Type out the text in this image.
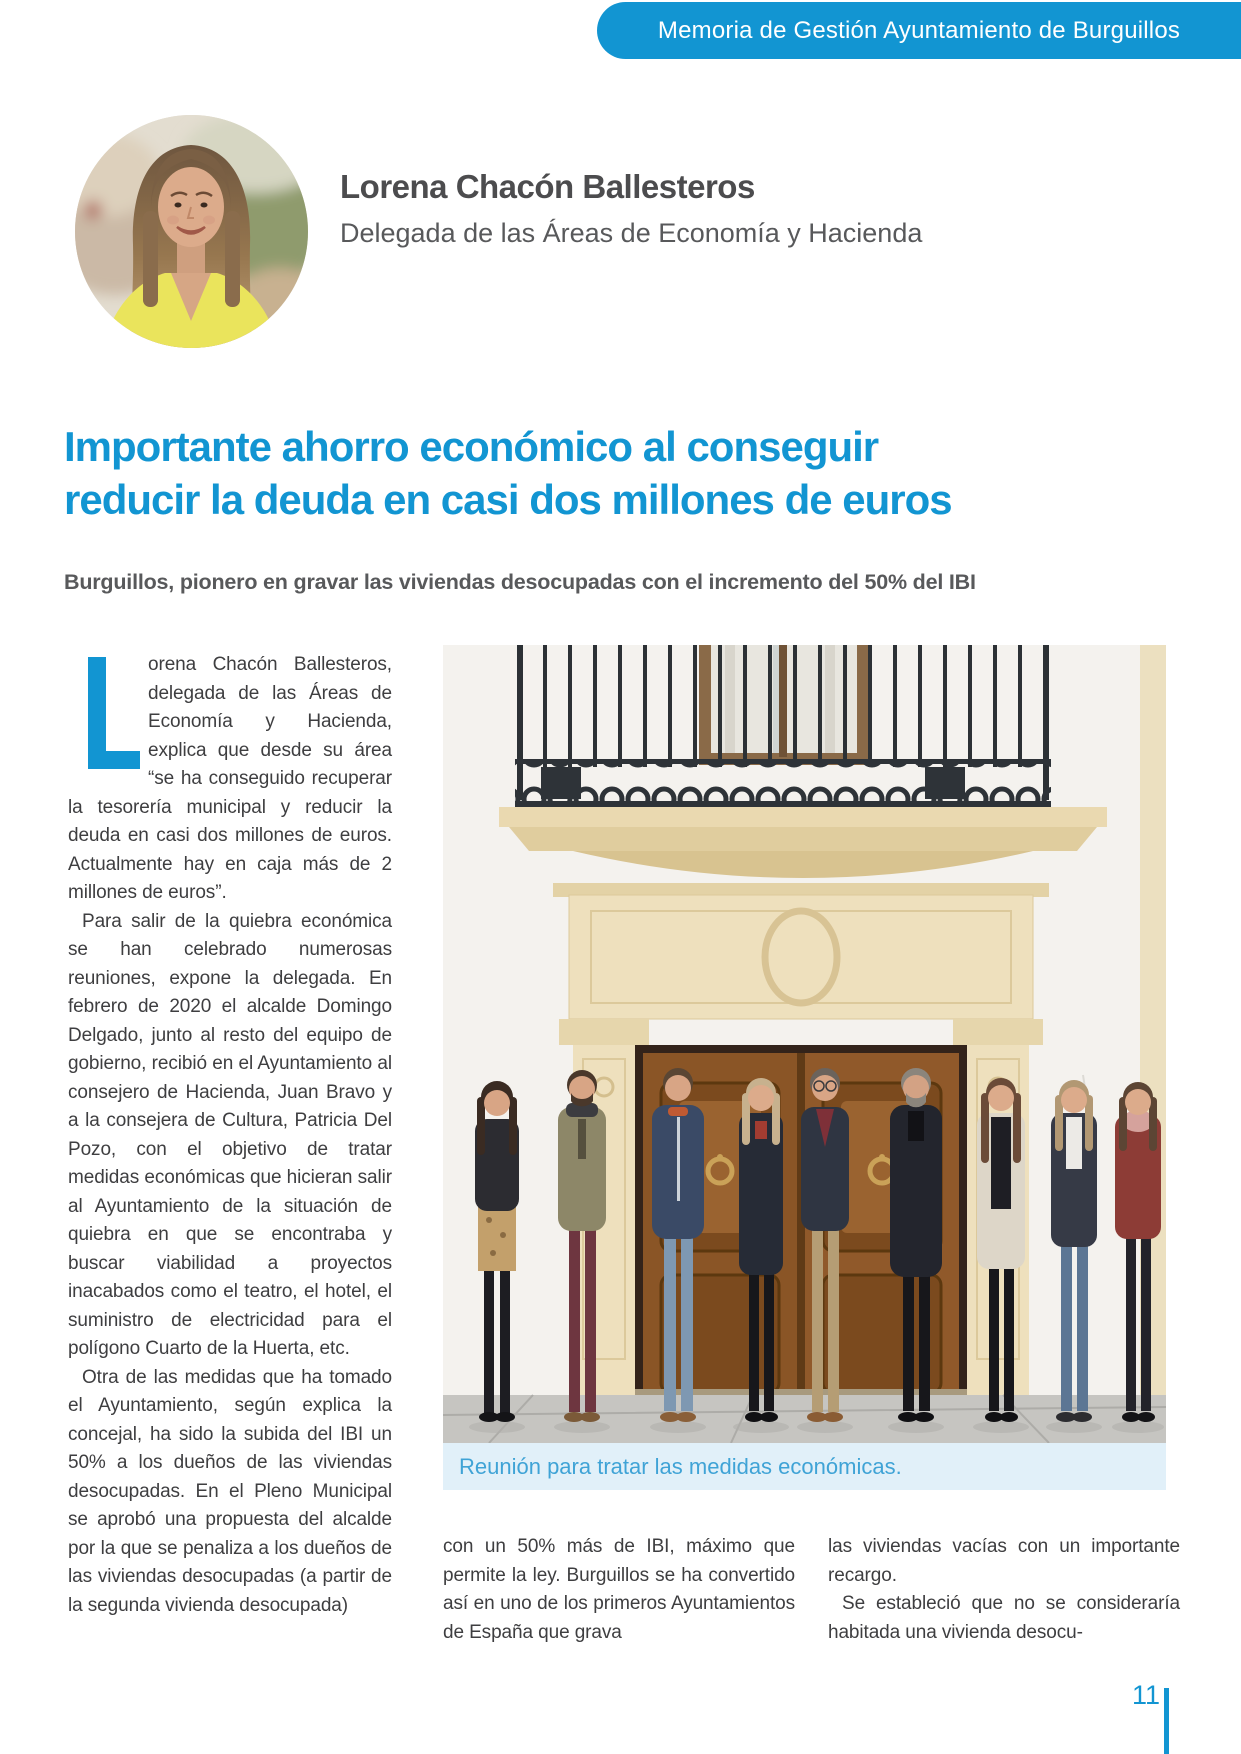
Memoria de Gestión Ayuntamiento de Burguillos
Lorena Chacón Ballesteros
Delegada de las Áreas de Economía y Hacienda
Importante ahorro económico al conseguir reducir la deuda en casi dos millones de euros
Burguillos, pionero en gravar las viviendas desocupadas con el incremento del 50% del IBI

orena Chacón Ballesteros, delegada de las Áreas de Economía y Hacienda, explica que desde su área “se ha conseguido recuperar la tesorería municipal y reducir la deuda en casi dos millones de euros. Actualmente hay en caja más de 2 millones de euros”.

Para salir de la quiebra económica se han celebrado numerosas reuniones, expone la delegada. En febrero de 2020 el alcalde Domingo Delgado, junto al resto del equipo de gobierno, recibió en el Ayuntamiento al consejero de Hacienda, Juan Bravo y a la consejera de Cultura, Patricia Del Pozo, con el objetivo de tratar medidas económicas que hicieran salir al Ayuntamiento de la situación de quiebra en que se encontraba y buscar viabilidad a proyectos inacabados como el teatro, el hotel, el suministro de electricidad para el polígono Cuarto de la Huerta, etc.

Otra de las medidas que ha tomado el Ayuntamiento, según explica la concejal, ha sido la subida del IBI un 50% a los dueños de las viviendas desocupadas. En el Pleno Municipal se aprobó una propuesta del alcalde por la que se penaliza a los dueños de las viviendas desocupadas (a partir de la segunda vivienda desocupada)

Reunión para tratar las medidas económicas.

con un 50% más de IBI, máximo que permite la ley. Burguillos se ha convertido así en uno de los primeros Ayuntamientos de España que grava

las viviendas vacías con un importante recargo.

Se estableció que no se consideraría habitada una vivienda desocu-

11
